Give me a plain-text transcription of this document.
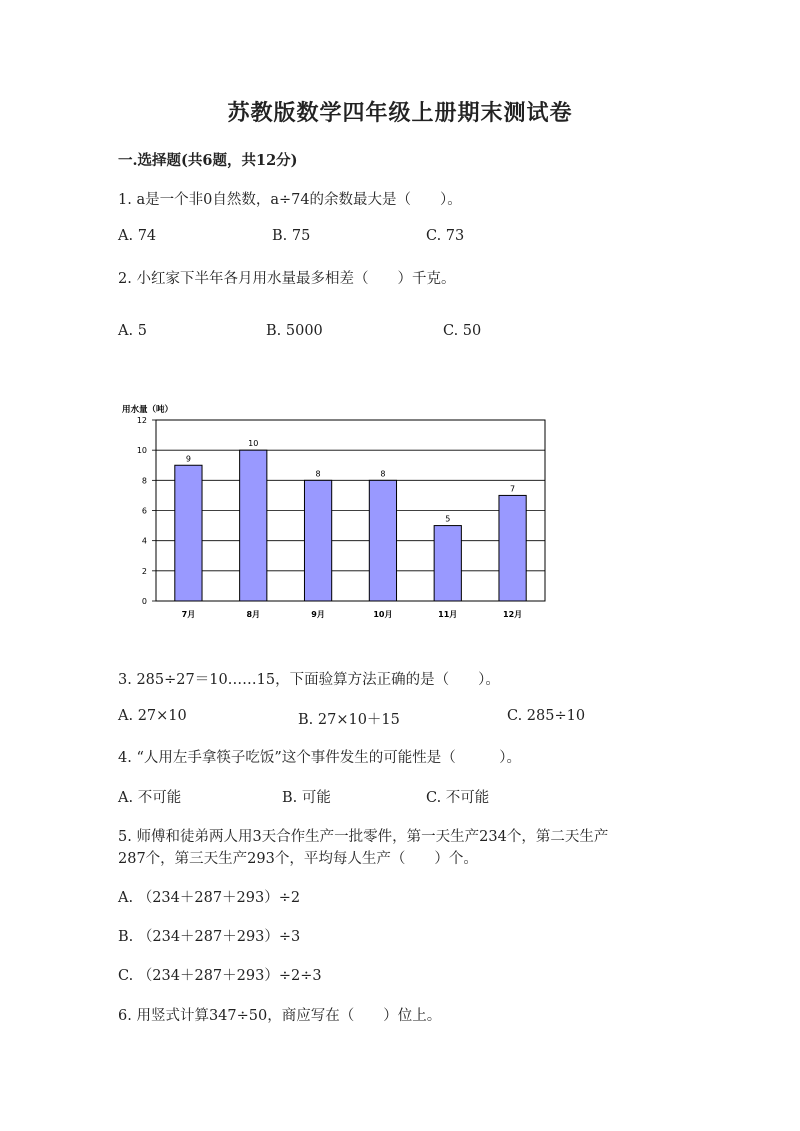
苏教版数学四年级上册期末测试卷
一.选择题(共6题，共12分)
1. a是一个非0自然数，a÷74的余数最大是（　　）。
A. 74	B. 75	C. 73
2. 小红家下半年各月用水量最多相差（　　）千克。
A. 5	B. 5000	C. 50
用水量（吨）
0
2
4
6
8
10
12
9
7月
10
8月
8
9月
8
10月
5
11月
7
12月
3. 285÷27＝10……15，下面验算方法正确的是（　　）。
A. 27×10	B. 27×10＋15	C. 285÷10
4. “人用左手拿筷子吃饭”这个事件发生的可能性是（　　　）。
A. 不可能	B. 可能	C. 不可能
5. 师傅和徒弟两人用3天合作生产一批零件，第一天生产234个，第二天生产
287个，第三天生产293个，平均每人生产（　　）个。
A. （234＋287＋293）÷2
B. （234＋287＋293）÷3
C. （234＋287＋293）÷2÷3
6. 用竖式计算347÷50，商应写在（　　）位上。
